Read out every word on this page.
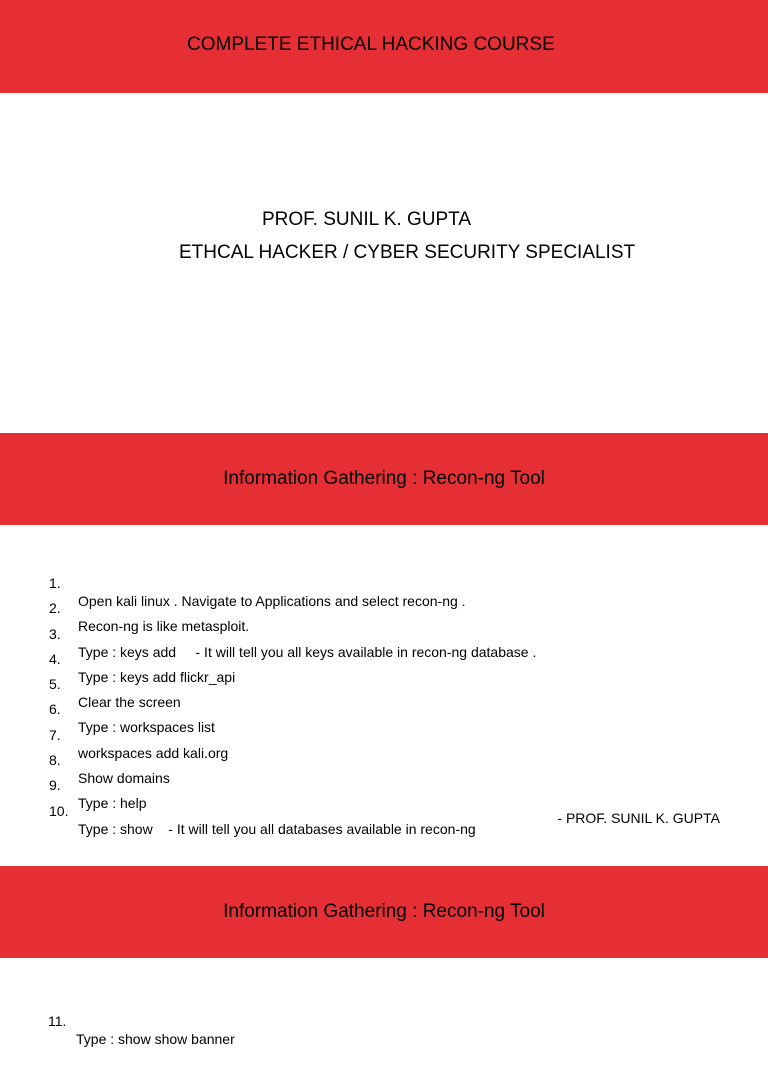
COMPLETE ETHICAL HACKING COURSE
PROF. SUNIL K. GUPTA
ETHCAL HACKER / CYBER SECURITY SPECIALIST
Information Gathering : Recon-ng Tool

1.

Open kali linux . Navigate to Applications and select recon-ng .

2.

Recon-ng is like metasploit.

3.

Type : keys add     - It will tell you all keys available in recon-ng database .

4.

Type : keys add flickr_api

5.

Clear the screen

6.

Type : workspaces list

7.

workspaces add kali.org

8.

Show domains

9.

Type : help

10.

Type : show    - It will tell you all databases available in recon-ng

- PROF. SUNIL K. GUPTA
Information Gathering : Recon-ng Tool

11.

Type : show show banner
